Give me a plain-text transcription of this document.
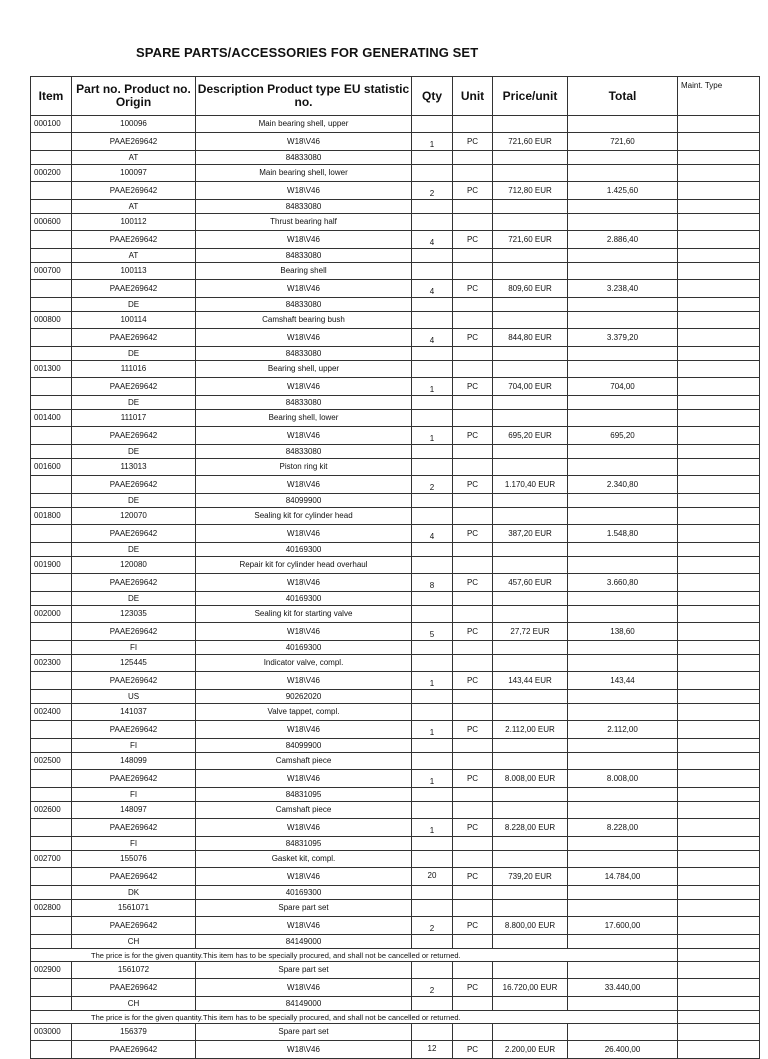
SPARE PARTS/ACCESSORIES FOR GENERATING SET
Item	Part no. Product no. Origin	Description Product type EU statistic no.	Qty	Unit	Price/unit	Total	Maint. Type
000100	100096	Main bearing shell, upper					
	PAAE269642	W18\V46	1	PC	721,60 EUR	721,60	
	AT	84833080					
000200	100097	Main bearing shell, lower					
	PAAE269642	W18\V46	2	PC	712,80 EUR	1.425,60	
	AT	84833080					
000600	100112	Thrust bearing half					
	PAAE269642	W18\V46	4	PC	721,60 EUR	2.886,40	
	AT	84833080					
000700	100113	Bearing shell					
	PAAE269642	W18\V46	4	PC	809,60 EUR	3.238,40	
	DE	84833080					
000800	100114	Camshaft bearing bush					
	PAAE269642	W18\V46	4	PC	844,80 EUR	3.379,20	
	DE	84833080					
001300	111016	Bearing shell, upper					
	PAAE269642	W18\V46	1	PC	704,00 EUR	704,00	
	DE	84833080					
001400	111017	Bearing shell, lower					
	PAAE269642	W18\V46	1	PC	695,20 EUR	695,20	
	DE	84833080					
001600	113013	Piston ring kit					
	PAAE269642	W18\V46	2	PC	1.170,40 EUR	2.340,80	
	DE	84099900					
001800	120070	Sealing kit for cylinder head					
	PAAE269642	W18\V46	4	PC	387,20 EUR	1.548,80	
	DE	40169300					
001900	120080	Repair kit for cylinder head overhaul					
	PAAE269642	W18\V46	8	PC	457,60 EUR	3.660,80	
	DE	40169300					
002000	123035	Sealing kit for starting valve					
	PAAE269642	W18\V46	5	PC	27,72 EUR	138,60	
	FI	40169300					
002300	125445	Indicator valve, compl.					
	PAAE269642	W18\V46	1	PC	143,44 EUR	143,44	
	US	90262020					
002400	141037	Valve tappet, compl.					
	PAAE269642	W18\V46	1	PC	2.112,00 EUR	2.112,00	
	FI	84099900					
002500	148099	Camshaft piece					
	PAAE269642	W18\V46	1	PC	8.008,00 EUR	8.008,00	
	FI	84831095					
002600	148097	Camshaft piece					
	PAAE269642	W18\V46	1	PC	8.228,00 EUR	8.228,00	
	FI	84831095					
002700	155076	Gasket kit, compl.					
	PAAE269642	W18\V46	20	PC	739,20 EUR	14.784,00	
	DK	40169300					
002800	1561071	Spare part set					
	PAAE269642	W18\V46	2	PC	8.800,00 EUR	17.600,00	
	CH	84149000					
The price is for the given quantity.This item has to be specially procured, and shall not be cancelled or returned.							
002900	1561072	Spare part set					
	PAAE269642	W18\V46	2	PC	16.720,00 EUR	33.440,00	
	CH	84149000					
The price is for the given quantity.This item has to be specially procured, and shall not be cancelled or returned.							
003000	156379	Spare part set					
	PAAE269642	W18\V46	12	PC	2.200,00 EUR	26.400,00	
